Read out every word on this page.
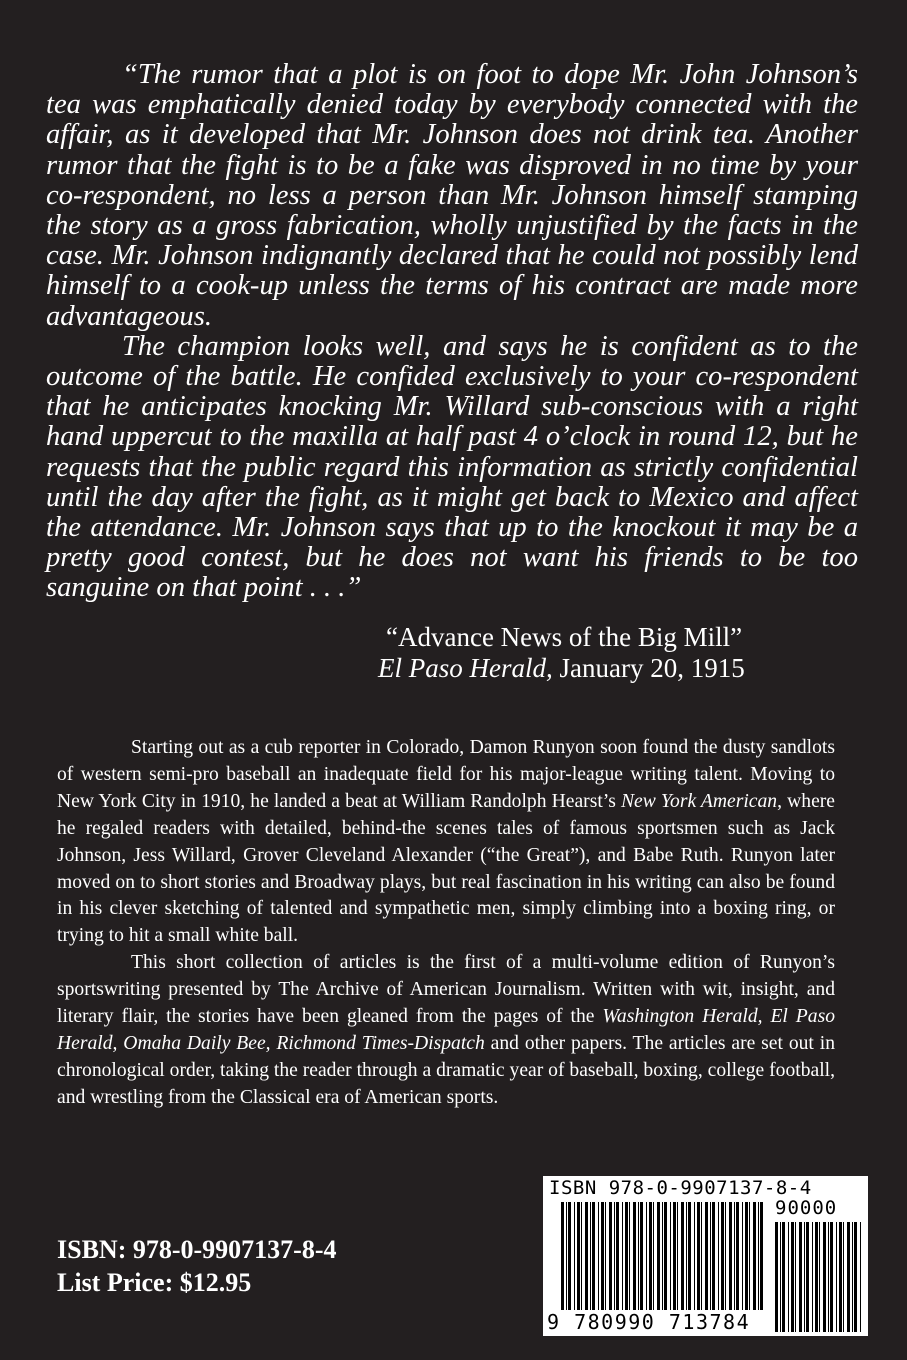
“The rumor that a plot is on foot to dope Mr. John Johnson’s tea was emphatically denied today by everybody connected with the affair, as it developed that Mr. Johnson does not drink tea. Another rumor that the fight is to be a fake was disproved in no time by your co-respondent, no less a person than Mr. Johnson himself stamping the story as a gross fabrication, wholly unjustified by the facts in the case. Mr. Johnson indignantly declared that he could not possibly lend himself to a cook-up unless the terms of his contract are made more advantageous.

The champion looks well, and says he is confident as to the outcome of the battle. He confided exclusively to your co-respondent that he anticipates knocking Mr. Willard sub-conscious with a right hand uppercut to the maxilla at half past 4 o’clock in round 12, but he requests that the public regard this information as strictly confidential until the day after the fight, as it might get back to Mexico and affect the attendance. Mr. Johnson says that up to the knockout it may be a pretty good contest, but he does not want his friends to be too sanguine on that point . . .”

“Advance News of the Big Mill”
El Paso Herald, January 20, 1915

Starting out as a cub reporter in Colorado, Damon Runyon soon found the dusty sandlots of western semi-pro baseball an inadequate field for his major-league writing talent. Moving to New York City in 1910, he landed a beat at William Randolph Hearst’s New York American, where he regaled readers with detailed, behind-the scenes tales of famous sportsmen such as Jack Johnson, Jess Willard, Grover Cleveland Alexander (“the Great”), and Babe Ruth. Runyon later moved on to short stories and Broadway plays, but real fascination in his writing can also be found in his clever sketching of talented and sympathetic men, simply climbing into a boxing ring, or trying to hit a small white ball.

This short collection of articles is the first of a multi-volume edition of Runyon’s sportswriting presented by The Archive of American Journalism. Written with wit, insight, and literary flair, the stories have been gleaned from the pages of the Washington Herald, El Paso Herald, Omaha Daily Bee, Richmond Times-Dispatch and other papers. The articles are set out in chronological order, taking the reader through a dramatic year of baseball, boxing, college football, and wrestling from the Classical era of American sports.

ISBN: 978-0-9907137-8-4
List Price: $12.95
ISBN 978-0-9907137-8-4
90000
9 780990 713784
